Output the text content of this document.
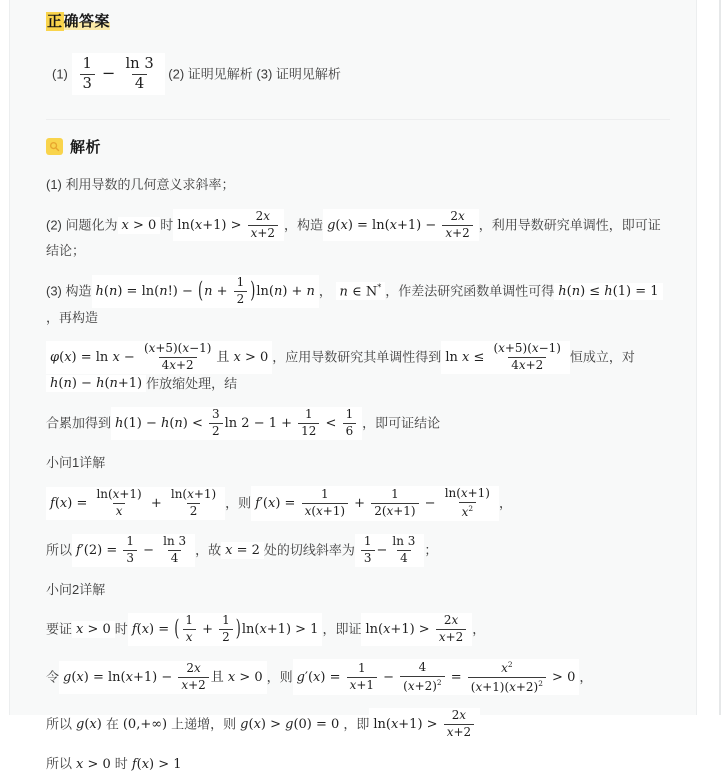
正确答案
$(1) \frac{1}{3} - \frac{\ln 3}{4} (2)$ 证明见解析 (3) 证明见解析
解析
(1) 利用导数的几何意义求斜率；
(2) 问题化为 x > 0 时 $\ln(x+1) > \frac{2x}{x+2}$ ，构造 $g(x) = \ln(x+1) - \frac{2x}{x+2}$ ，利用导数研究单调性，即可证结论；
(3) 构造 $h(n) = \ln(n!) - (n + \frac{1}{2} )\ln(n) + n$ ， n ∈ N* ，作差法研究函数单调性可得 h(n) ≤ h(1) = 1，再构造
$\varphi(x) = \ln x - \frac{(x+5)(x-1)}{4x+2}$ 且 x > 0 ，应用导数研究其单调性得到 $\ln x \le \frac{(x+5)(x-1)}{4x+2}$ 恒成立，对h(n) − h(n+1) 作放缩处理，结
合累加得到 $h(1) - h(n) < \frac{3}{2}$ $\ln 2 - 1 + \frac{1}{12} < \frac{1}{6}$ ，即可证结论
小问1详解
$f(x) = \frac{\ln(x+1)}{x} + \frac{\ln(x+1)}{2}$ ，则 $f'(x) = \frac{1}{x(x+1)} + \frac{1}{2(x+1)} - \frac{\ln(x+1)}{x^2}$ ，
所以 $f'(2) = \frac{1}{3} - \frac{\ln 3}{4}$ ，故 x = 2 处的切线斜率为 $\frac{1}{3} - \frac{\ln 3}{4}$ ；
小问2详解
要证 x > 0 时 f(x) = ( $\frac{1}{x} + \frac{1}{2} )\ln(x+1) > 1$ ，即证 $\ln(x+1) > \frac{2x}{x+2}$ ，
令 $g(x) = \ln(x+1) - \frac{2x}{x+2}$ 且 x > 0 ，则 $g'(x) = \frac{1}{x+1} - \frac{4}{(x+2)^2} = \frac{x^2}{(x+1)(x+2)^2} > 0$ ，
所以 g(x) 在 (0,+∞) 上递增，则 g(x) > g(0) = 0 ，即 $\ln(x+1) > \frac{2x}{x+2}$
所以 x > 0 时 f(x) > 1
